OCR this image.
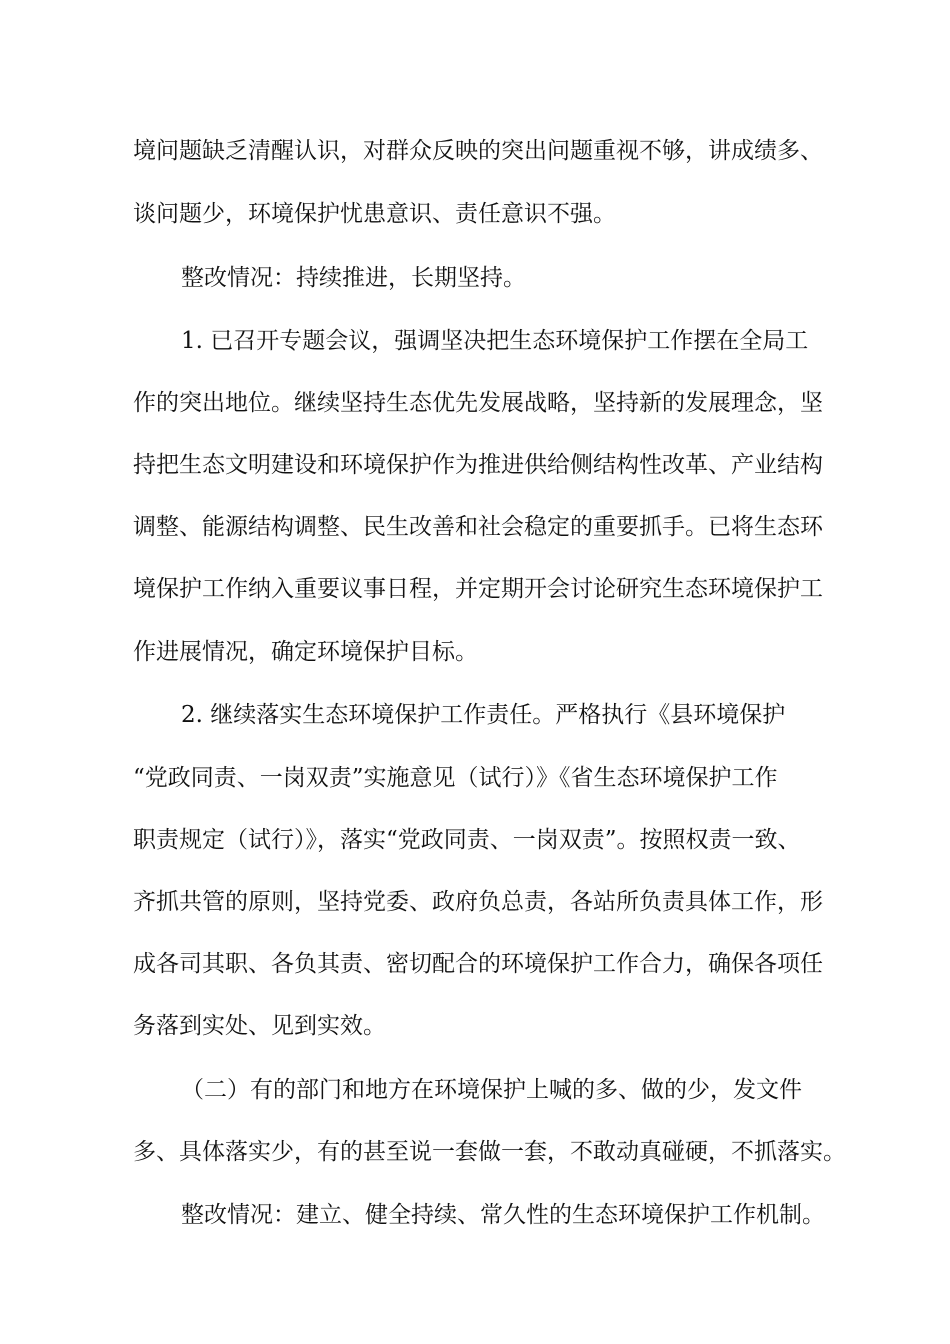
境问题缺乏清醒认识，对群众反映的突出问题重视不够，讲成绩多、
谈问题少，环境保护忧患意识、责任意识不强。
整改情况：持续推进，长期坚持。
1. 已召开专题会议，强调坚决把生态环境保护工作摆在全局工
作的突出地位。继续坚持生态优先发展战略，坚持新的发展理念，坚
持把生态文明建设和环境保护作为推进供给侧结构性改革、产业结构
调整、能源结构调整、民生改善和社会稳定的重要抓手。已将生态环
境保护工作纳入重要议事日程，并定期开会讨论研究生态环境保护工
作进展情况，确定环境保护目标。
2. 继续落实生态环境保护工作责任。严格执行《县环境保护
“党政同责、一岗双责”实施意见（试行）》《省生态环境保护工作
职责规定（试行）》，落实“党政同责、一岗双责”。按照权责一致、
齐抓共管的原则，坚持党委、政府负总责，各站所负责具体工作，形
成各司其职、各负其责、密切配合的环境保护工作合力，确保各项任
务落到实处、见到实效。
（二）有的部门和地方在环境保护上喊的多、做的少，发文件
多、具体落实少，有的甚至说一套做一套，不敢动真碰硬，不抓落实。
整改情况：建立、健全持续、常久性的生态环境保护工作机制。
